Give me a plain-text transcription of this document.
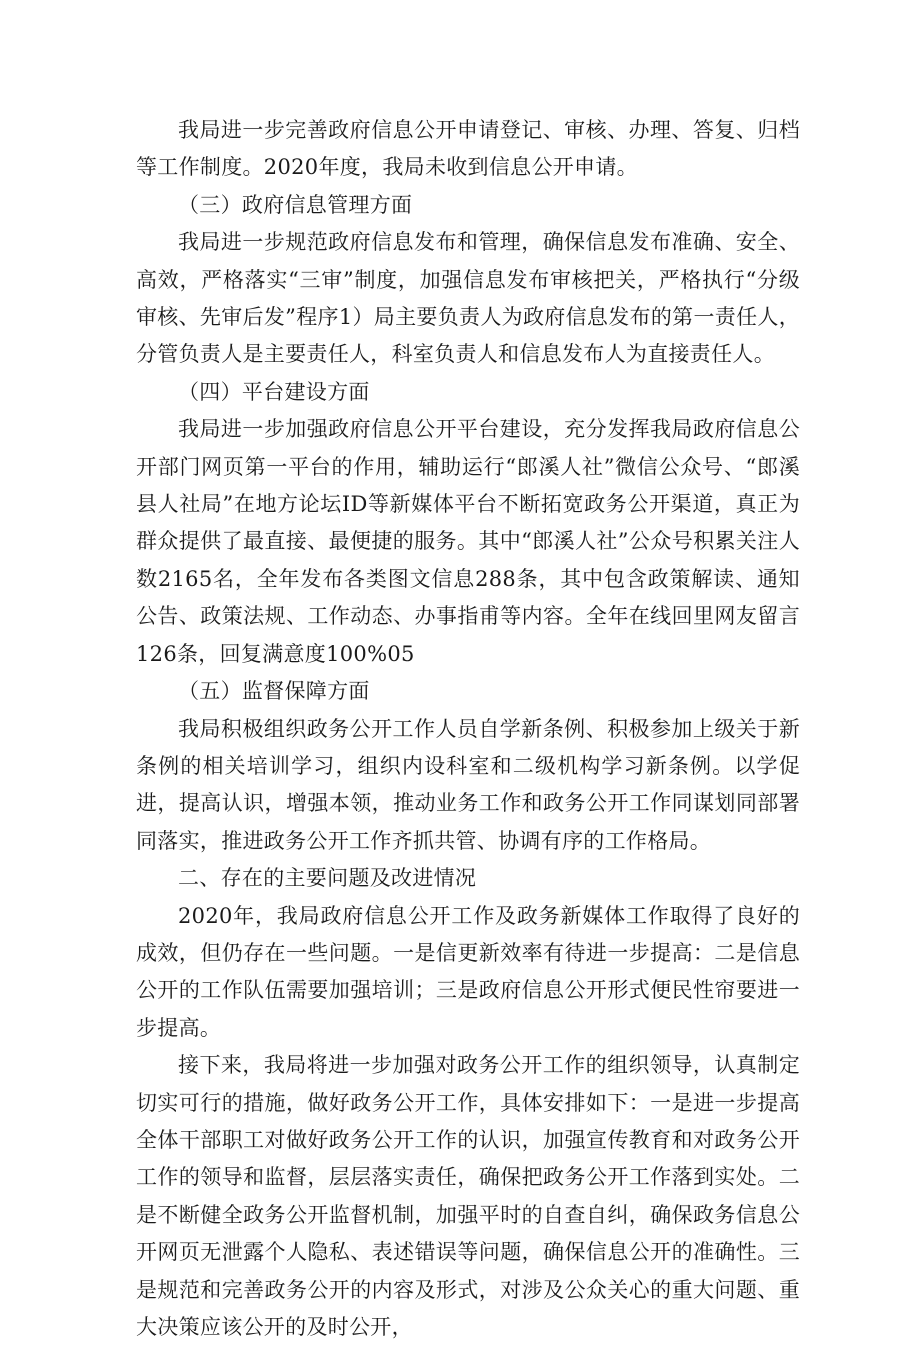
我局进一步完善政府信息公开申请登记、审核、办理、答复、归档等工作制度。2020年度，我局未收到信息公开申请。

（三）政府信息管理方面

我局进一步规范政府信息发布和管理，确保信息发布准确、安全、高效，严格落实“三审”制度，加强信息发布审核把关，严格执行“分级审核、先审后发”程序1）局主要负责人为政府信息发布的第一责任人，分管负责人是主要责任人，科室负责人和信息发布人为直接责任人。

（四）平台建设方面

我局进一步加强政府信息公开平台建设，充分发挥我局政府信息公开部门网页第一平台的作用，辅助运行“郎溪人社”微信公众号、“郎溪县人社局”在地方论坛ID等新媒体平台不断拓宽政务公开渠道，真正为群众提供了最直接、最便捷的服务。其中“郎溪人社”公众号积累关注人数2165名，全年发布各类图文信息288条，其中包含政策解读、通知公告、政策法规、工作动态、办事指甫等内容。全年在线回里网友留言126条，回复满意度100%05

（五）监督保障方面

我局积极组织政务公开工作人员自学新条例、积极参加上级关于新条例的相关培训学习，组织内设科室和二级机构学习新条例。以学促进，提高认识，增强本领，推动业务工作和政务公开工作同谋划同部署同落实，推进政务公开工作齐抓共管、协调有序的工作格局。

二、存在的主要问题及改进情况

2020年，我局政府信息公开工作及政务新媒体工作取得了良好的成效，但仍存在一些问题。一是信更新效率有待进一步提高：二是信息公开的工作队伍需要加强培训；三是政府信息公开形式便民性帘要进一步提高。

接下来，我局将进一步加强对政务公开工作的组织领导，认真制定切实可行的措施，做好政务公开工作，具体安排如下：一是进一步提高全体干部职工对做好政务公开工作的认识，加强宣传教育和对政务公开工作的领导和监督，层层落实责任，确保把政务公开工作落到实处。二是不断健全政务公开监督机制，加强平时的自查自纠，确保政务信息公开网页无泄露个人隐私、表述错误等问题，确保信息公开的准确性。三是规范和完善政务公开的内容及形式，对涉及公众关心的重大问题、重大决策应该公开的及时公开，
